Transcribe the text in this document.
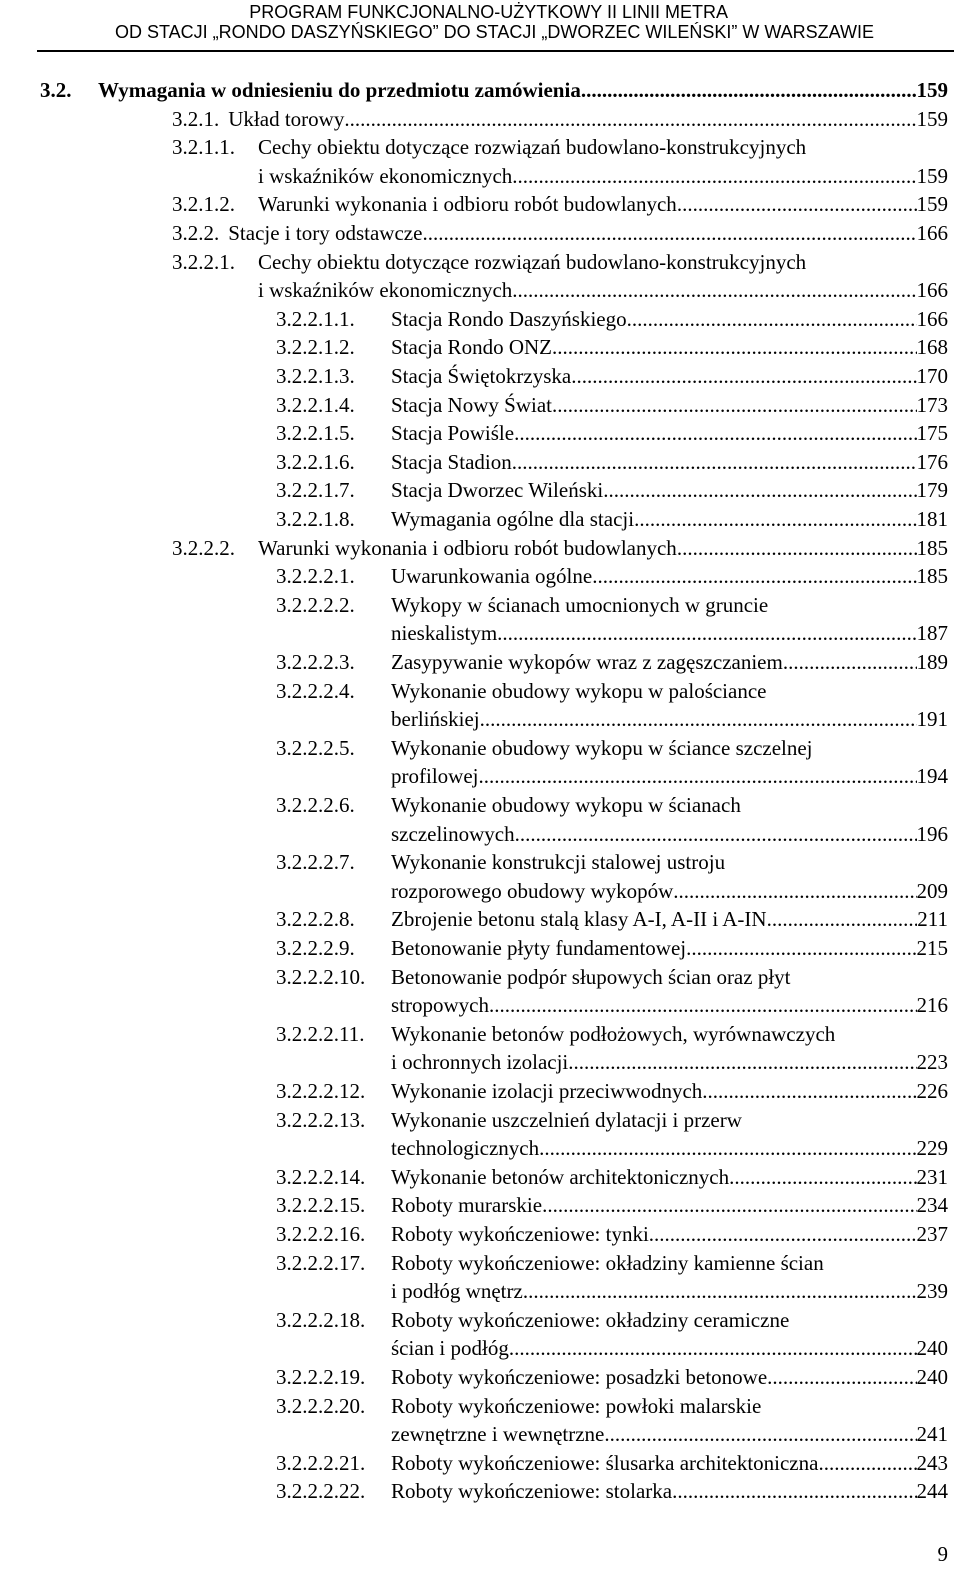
PROGRAM FUNKCJONALNO-UŻYTKOWY II LINII METRA
OD STACJI „RONDO DASZYŃSKIEGO” DO STACJI „DWORZEC WILEŃSKI” W WARSZAWIE
3.2. Wymagania w odniesieniu do przedmiotu zamówienia .....	159
3.2.1. Układ torowy .....	159
3.2.1.1. Cechy obiektu dotyczące rozwiązań budowlano-konstrukcyjnych
i wskaźników ekonomicznych .....	159
3.2.1.2. Warunki wykonania i odbioru robót budowlanych .....	159
3.2.2. Stacje i tory odstawcze .....	166
3.2.2.1. Cechy obiektu dotyczące rozwiązań budowlano-konstrukcyjnych
i wskaźników ekonomicznych .....	166
3.2.2.1.1. Stacja Rondo Daszyńskiego .....	166
3.2.2.1.2. Stacja Rondo ONZ .....	168
3.2.2.1.3. Stacja Świętokrzyska .....	170
3.2.2.1.4. Stacja Nowy Świat .....	173
3.2.2.1.5. Stacja Powiśle .....	175
3.2.2.1.6. Stacja Stadion .....	176
3.2.2.1.7. Stacja Dworzec Wileński .....	179
3.2.2.1.8. Wymagania ogólne dla stacji .....	181
3.2.2.2. Warunki wykonania i odbioru robót budowlanych .....	185
3.2.2.2.1. Uwarunkowania ogólne .....	185
3.2.2.2.2. Wykopy w ścianach umocnionych w gruncie
nieskalistym .....	187
3.2.2.2.3. Zasypywanie wykopów wraz z zagęszczaniem .....	189
3.2.2.2.4. Wykonanie obudowy wykopu w palościance
berlińskiej .....	191
3.2.2.2.5. Wykonanie obudowy wykopu w ściance szczelnej
profilowej .....	194
3.2.2.2.6. Wykonanie obudowy wykopu w ścianach
szczelinowych .....	196
3.2.2.2.7. Wykonanie konstrukcji stalowej ustroju
rozporowego obudowy wykopów .....	209
3.2.2.2.8. Zbrojenie betonu stalą klasy A-I, A-II i A-IN .....	211
3.2.2.2.9. Betonowanie płyty fundamentowej .....	215
3.2.2.2.10. Betonowanie podpór słupowych ścian oraz płyt
stropowych .....	216
3.2.2.2.11. Wykonanie betonów podłożowych, wyrównawczych
i ochronnych izolacji .....	223
3.2.2.2.12. Wykonanie izolacji przeciwwodnych .....	226
3.2.2.2.13. Wykonanie uszczelnień dylatacji i przerw
technologicznych .....	229
3.2.2.2.14. Wykonanie betonów architektonicznych .....	231
3.2.2.2.15. Roboty murarskie .....	234
3.2.2.2.16. Roboty wykończeniowe: tynki .....	237
3.2.2.2.17. Roboty wykończeniowe: okładziny kamienne ścian
i podłóg wnętrz .....	239
3.2.2.2.18. Roboty wykończeniowe: okładziny ceramiczne
ścian i podłóg .....	240
3.2.2.2.19. Roboty wykończeniowe: posadzki betonowe .....	240
3.2.2.2.20. Roboty wykończeniowe: powłoki malarskie
zewnętrzne i wewnętrzne .....	241
3.2.2.2.21. Roboty wykończeniowe: ślusarka architektoniczna .....	243
3.2.2.2.22. Roboty wykończeniowe: stolarka .....	244
9
